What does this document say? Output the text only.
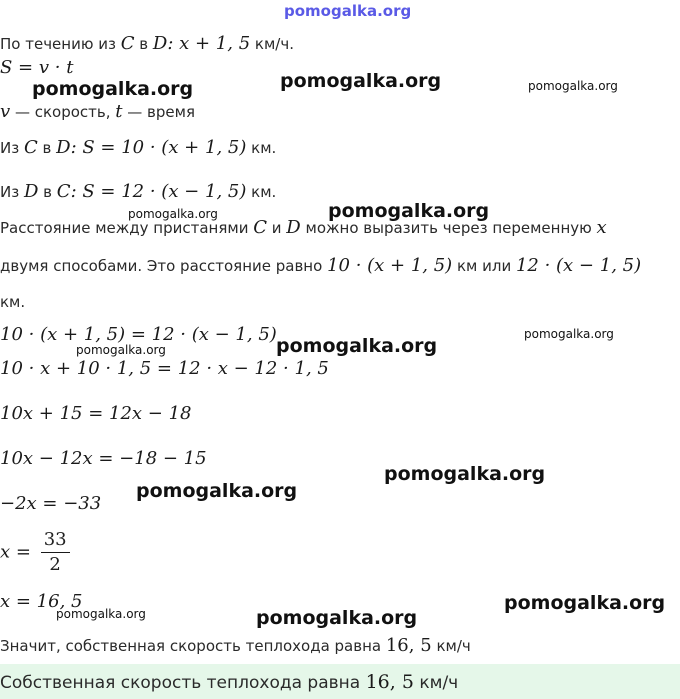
pomogalka.org
По течению из C в D: x + 1, 5 км/ч.
S = v · t
v — скорость, t — время
Из C в D: S = 10 · (x + 1, 5) км.
Из D в C: S = 12 · (x − 1, 5) км.
Расстояние между пристанями C и D можно выразить через переменную x
двумя способами. Это расстояние равно 10 · (x + 1, 5) км или 12 · (x − 1, 5)
км.
10 · (x + 1, 5) = 12 · (x − 1, 5)
10 · x + 10 · 1, 5 = 12 · x − 12 · 1, 5
10x + 15 = 12x − 18
10x − 12x = −18 − 15
−2x = −33
$x = \frac{33}{2}$
x = 16, 5
Значит, собственная скорость теплохода равна 16, 5 км/ч
Собственная скорость теплохода равна 16, 5 км/ч
pomogalka.org	pomogalka.org	pomogalka.org
pomogalka.org	pomogalka.org
pomogalka.org
pomogalka.org	pomogalka.org
pomogalka.org
pomogalka.org
pomogalka.org
pomogalka.org	pomogalka.org
